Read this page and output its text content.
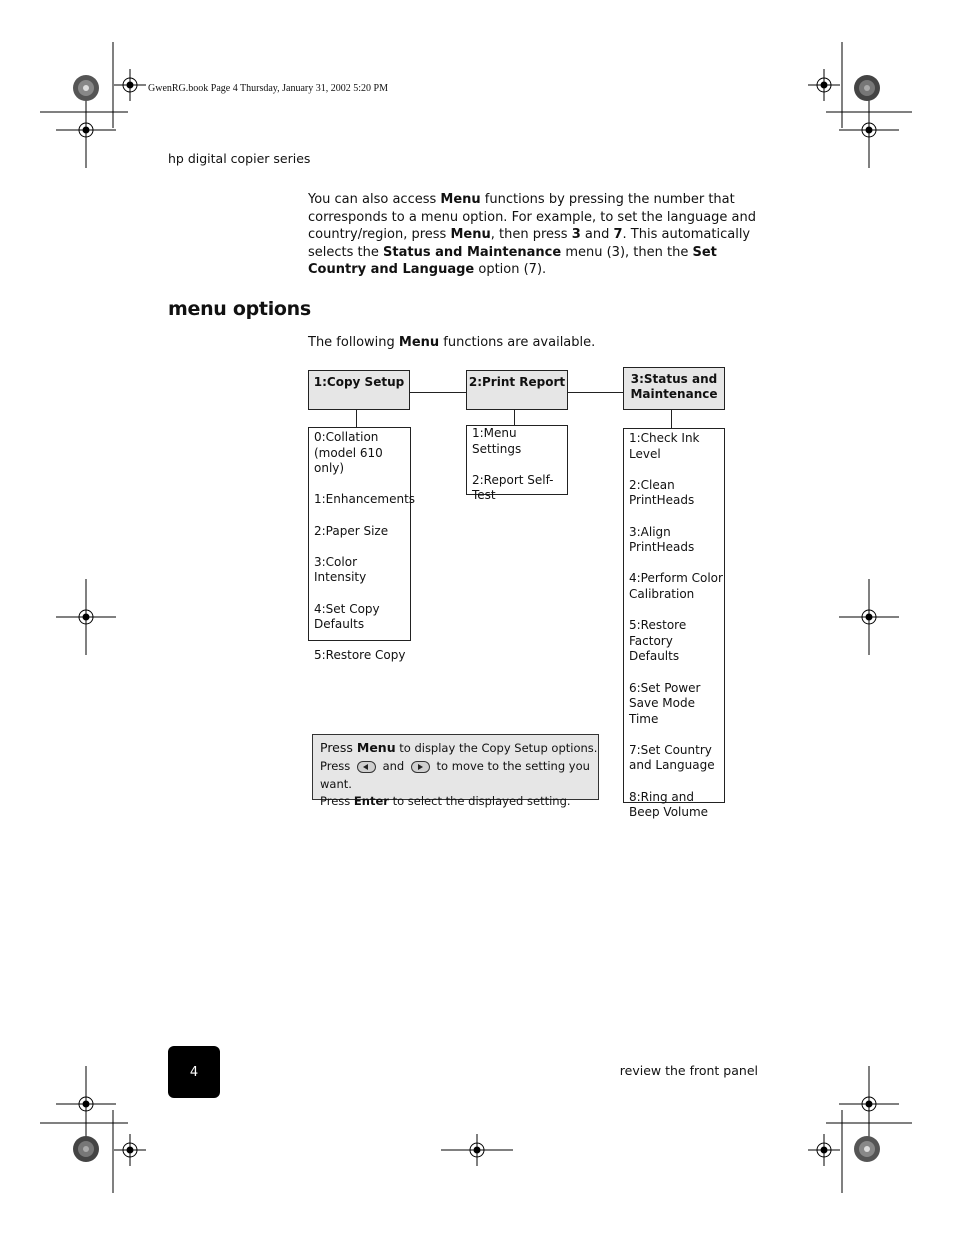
GwenRG.book Page 4 Thursday, January 31, 2002 5:20 PM
hp digital copier series
You can also access Menu functions by pressing the number that corresponds to a menu option. For example, to set the language and country/region, press Menu, then press 3 and 7. This automatically selects the Status and Maintenance menu (3), then the Set Country and Language option (7).
menu options
The following Menu functions are available.
1:Copy Setup	2:Print Report	3:Status and
Maintenance
0:Collation (model 610 only)
1:Enhancements
2:Paper Size
3:Color Intensity
4:Set Copy Defaults
5:Restore Copy
1:Menu Settings
2:Report Self-Test
1:Check Ink Level
2:Clean PrintHeads
3:Align PrintHeads
4:Perform Color Calibration
5:Restore Factory Defaults
6:Set Power Save Mode Time
7:Set Country and Language
8:Ring and Beep Volume
Press Menu to display the Copy Setup options.
Press	and	to move to the setting you want.
Press Enter to select the displayed setting.
4	review the front panel
